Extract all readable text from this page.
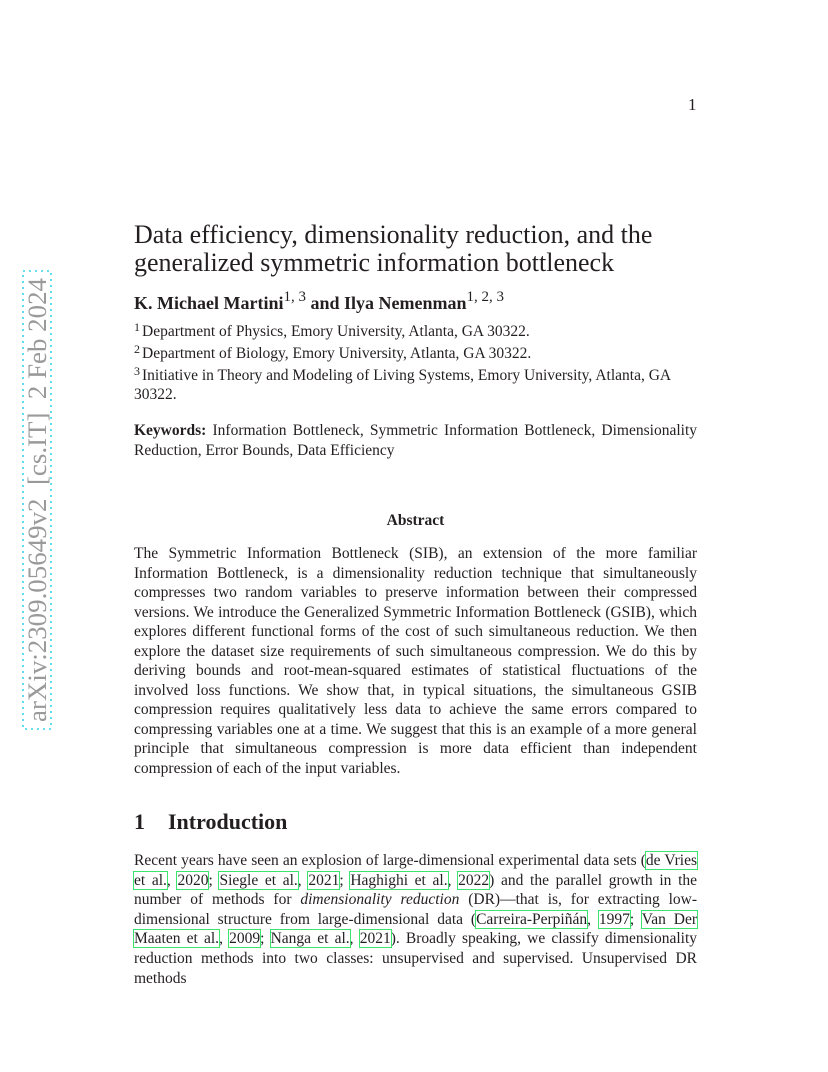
1
arXiv:2309.05649v2  [cs.IT]  2 Feb 2024
Data efficiency, dimensionality reduction, and the
generalized symmetric information bottleneck
K. Michael Martini$^{1, 3}$ and Ilya Nemenman$^{1, 2, 3}$
$^1$ Department of Physics, Emory University, Atlanta, GA 30322.
$^2$ Department of Biology, Emory University, Atlanta, GA 30322.
$^3$ Initiative in Theory and Modeling of Living Systems, Emory University, Atlanta, GA 30322.
Keywords: Information Bottleneck, Symmetric Information Bottleneck, Dimensionality Reduction, Error Bounds, Data Efficiency
Abstract
The Symmetric Information Bottleneck (SIB), an extension of the more familiar Information Bottleneck, is a dimensionality reduction technique that simultaneously compresses two random variables to preserve information between their compressed versions. We introduce the Generalized Symmetric Information Bottleneck (GSIB), which explores different functional forms of the cost of such simultaneous reduction. We then explore the dataset size requirements of such simultaneous compression. We do this by deriving bounds and root-mean-squared estimates of statistical fluctuations of the involved loss functions. We show that, in typical situations, the simultaneous GSIB compression requires qualitatively less data to achieve the same errors compared to compressing variables one at a time. We suggest that this is an example of a more general principle that simultaneous compression is more data efficient than independent compression of each of the input variables.
1 Introduction
Recent years have seen an explosion of large-dimensional experimental data sets (de Vries et al., 2020; Siegle et al., 2021; Haghighi et al., 2022) and the parallel growth in the number of methods for dimensionality reduction (DR)—that is, for extracting low-dimensional structure from large-dimensional data (Carreira-Perpiñán, 1997; Van Der Maaten et al., 2009; Nanga et al., 2021). Broadly speaking, we classify dimensionality reduction methods into two classes: unsupervised and supervised. Unsupervised DR methods
